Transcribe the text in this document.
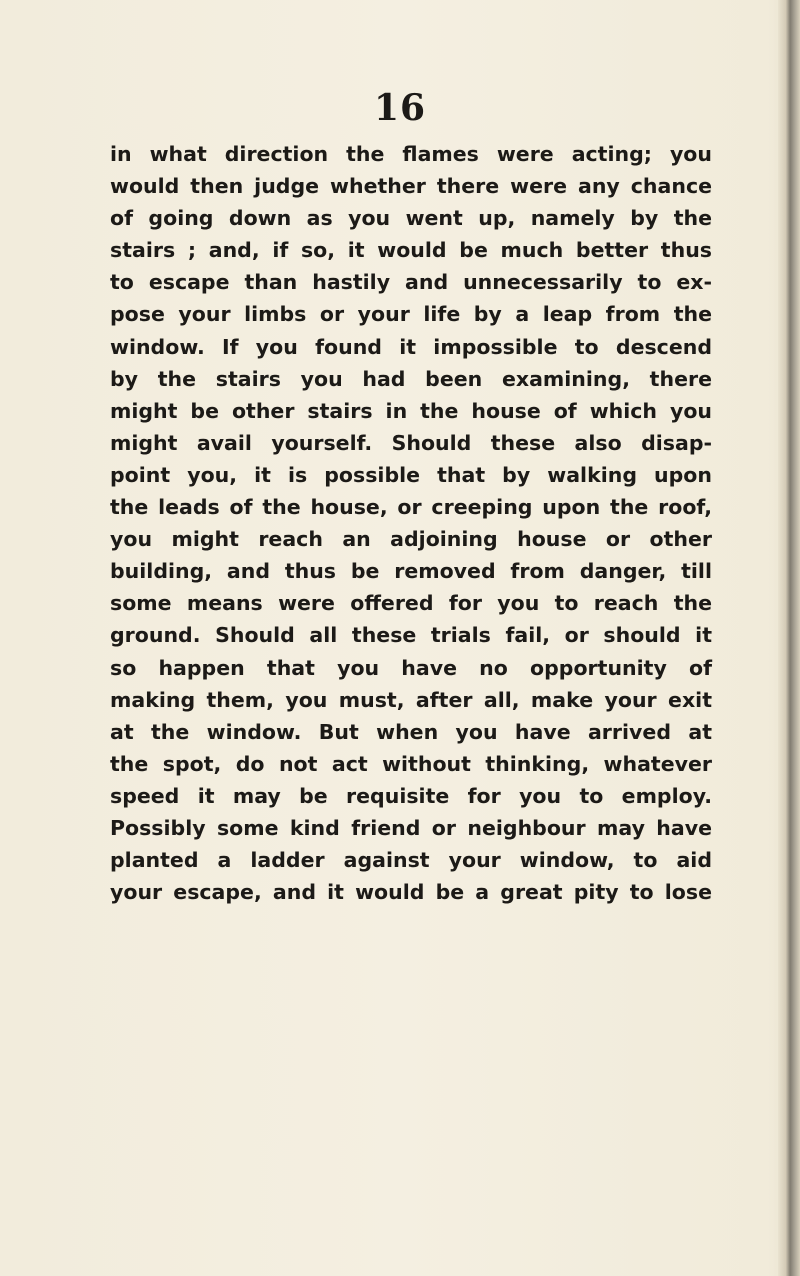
16
in what direction the flames were acting; you
would then judge whether there were any chance
of going down as you went up, namely by the
stairs ; and, if so, it would be much better thus
to escape than hastily and unnecessarily to ex-
pose your limbs or your life by a leap from the
window. If you found it impossible to descend
by the stairs you had been examining, there
might be other stairs in the house of which you
might avail yourself. Should these also disap-
point you, it is possible that by walking upon
the leads of the house, or creeping upon the roof,
you might reach an adjoining house or other
building, and thus be removed from danger, till
some means were offered for you to reach the
ground. Should all these trials fail, or should it
so happen that you have no opportunity of
making them, you must, after all, make your exit
at the window. But when you have arrived at
the spot, do not act without thinking, whatever
speed it may be requisite for you to employ.
Possibly some kind friend or neighbour may have
planted a ladder against your window, to aid
your escape, and it would be a great pity to lose
